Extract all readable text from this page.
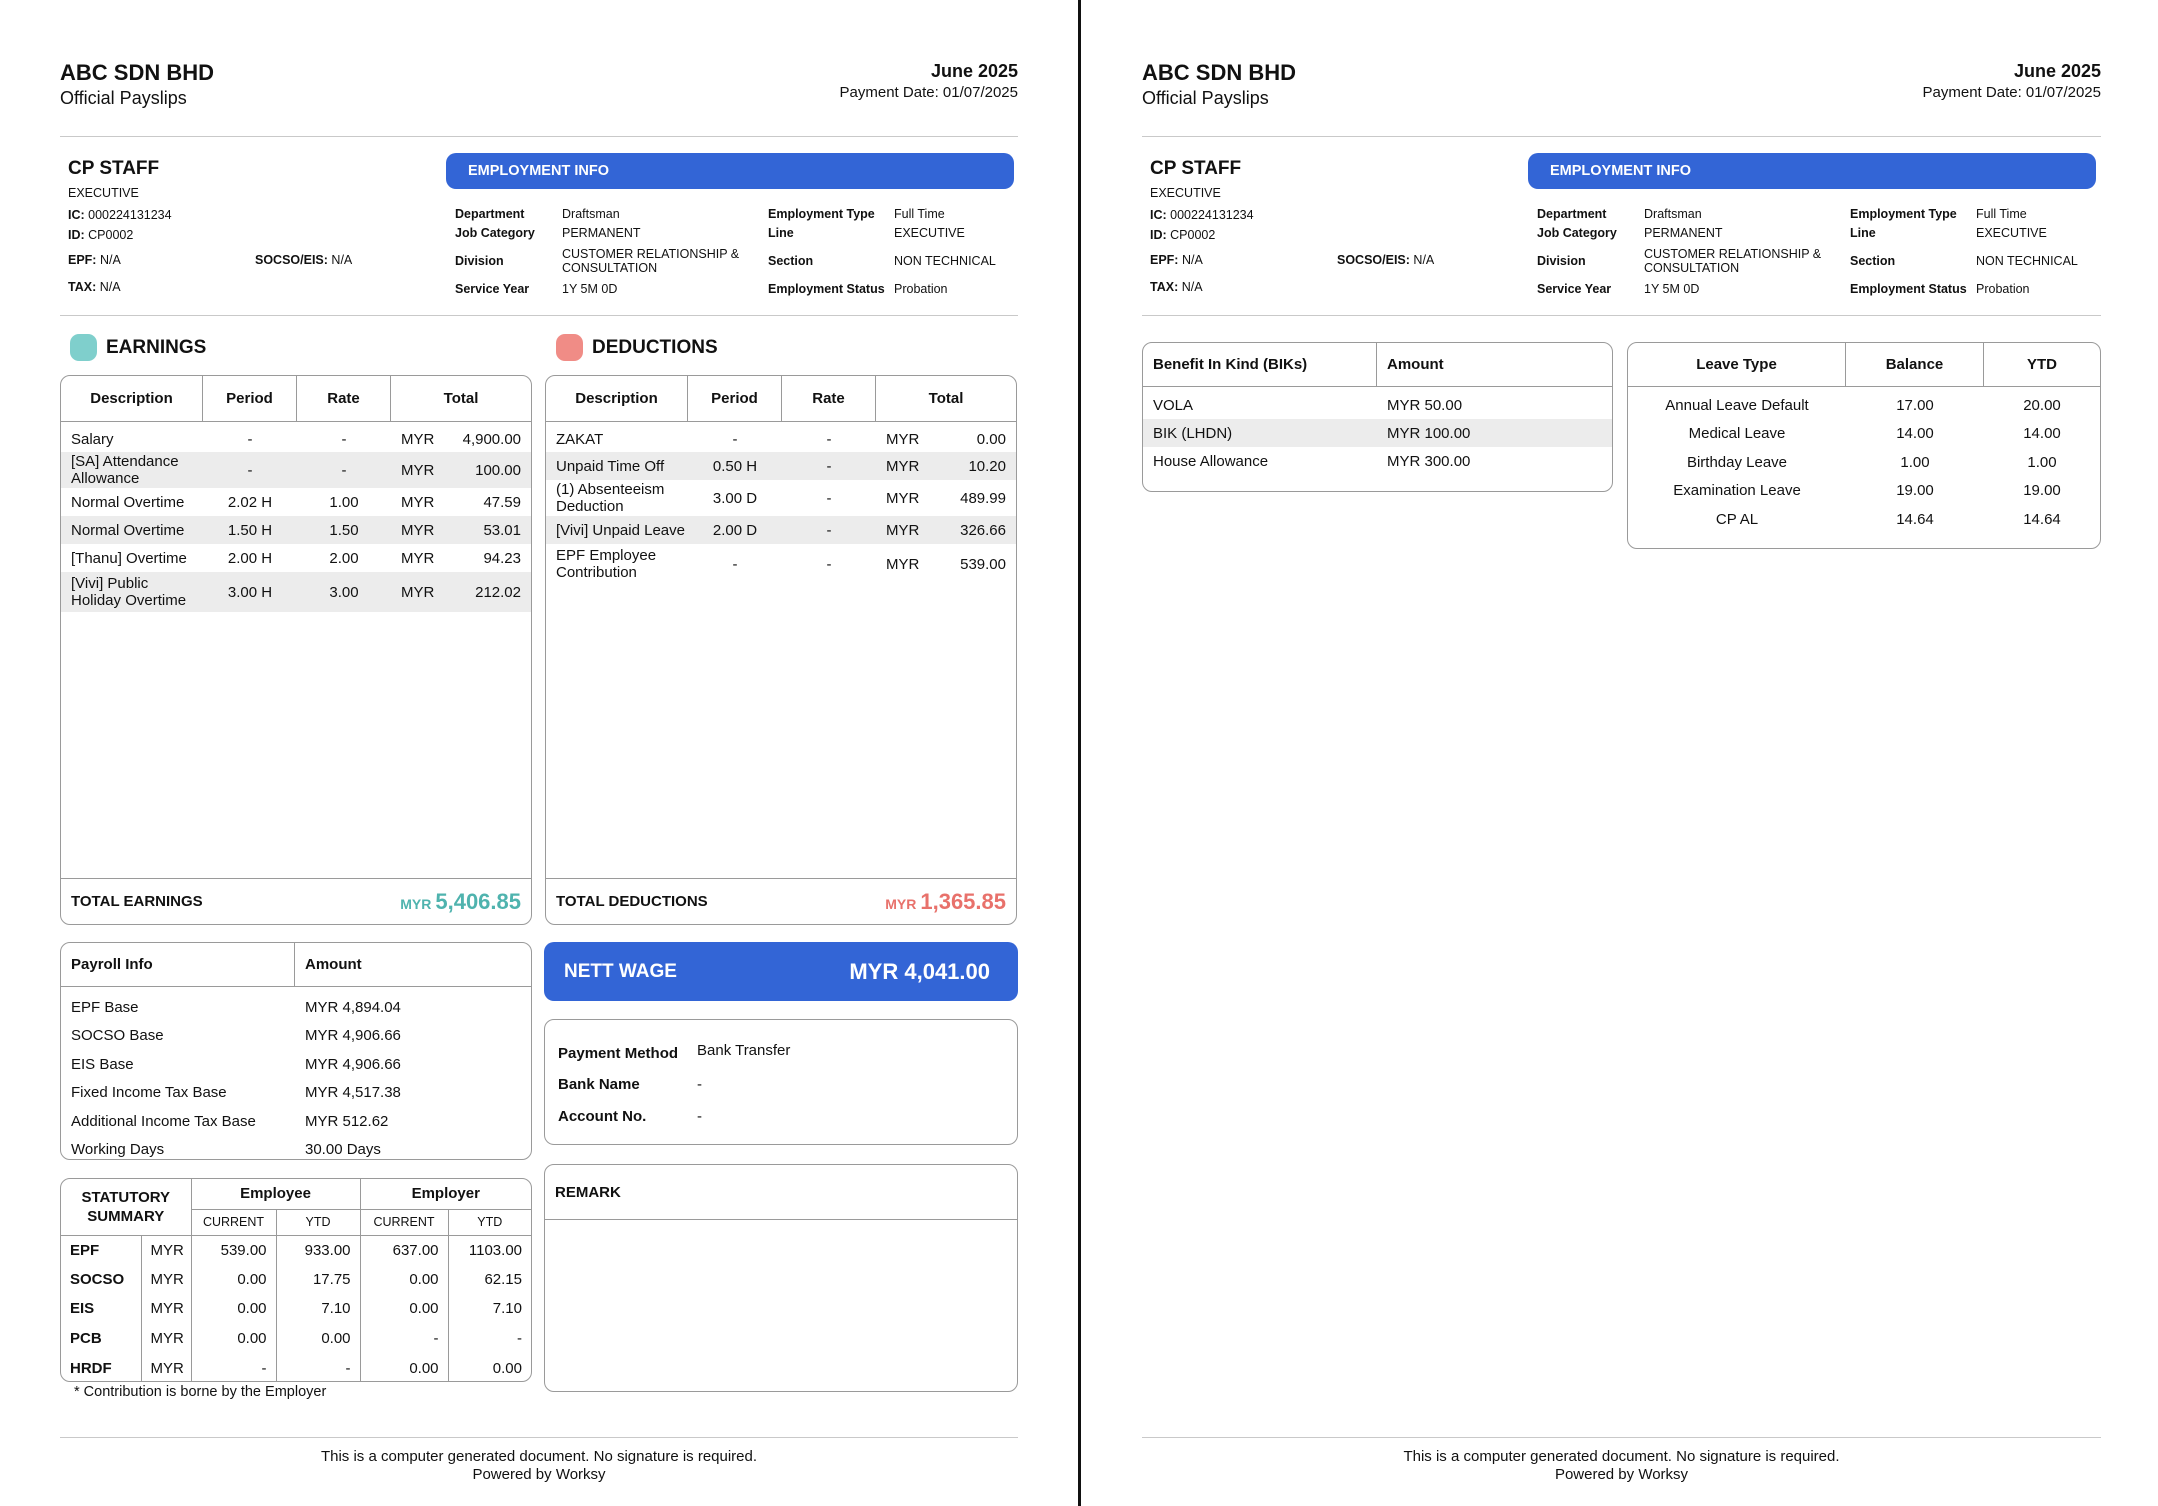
ABC SDN BHD
Official Payslips
June 2025
Payment Date: 01/07/2025
CP STAFF
EXECUTIVE
IC: 000224131234
ID: CP0002
EPF: N/A	SOCSO/EIS: N/A
TAX: N/A
EMPLOYMENT INFO
Department	Draftsman
Job Category PERMANENT
Division	CUSTOMER RELATIONSHIP &
CONSULTATION
Service Year	1Y 5M 0D
Employment Type Full Time
Line	EXECUTIVE
Section	NON TECHNICAL
Employment Status Probation
EARNINGS
Description	Period	Rate	Total
Salary	-	-	MYR	4,900.00
[SA] Attendance
Allowance	-	-	MYR	100.00
Normal Overtime	2.02 H	1.00	MYR	47.59
Normal Overtime	1.50 H	1.50	MYR	53.01
[Thanu] Overtime	2.00 H	2.00	MYR	94.23
[Vivi] Public
Holiday Overtime	3.00 H	3.00	MYR	212.02
TOTAL EARNINGS	MYR 5,406.85
DEDUCTIONS
Description	Period	Rate	Total
ZAKAT	-	-	MYR	0.00
Unpaid Time Off	0.50 H	-	MYR	10.20
(1) Absenteeism
Deduction	3.00 D	-	MYR	489.99
[Vivi] Unpaid Leave	2.00 D	-	MYR	326.66
EPF Employee
Contribution	-	-	MYR	539.00
TOTAL DEDUCTIONS	MYR 1,365.85
Payroll Info	Amount
EPF Base	MYR 4,894.04
SOCSO Base	MYR 4,906.66
EIS Base	MYR 4,906.66
Fixed Income Tax Base	MYR 4,517.38
Additional Income Tax Base	MYR 512.62
Working Days	30.00 Days
NETT WAGE	MYR 4,041.00
Payment Method Bank Transfer
Bank Name	-
Account No.	-
REMARK
STATUTORY
SUMMARY		Employee		Employer	
		CURRENT	YTD	CURRENT	YTD
EPF	MYR	539.00	933.00	637.00	1103.00
SOCSO	MYR	0.00	17.75	0.00	62.15
EIS	MYR	0.00	7.10	0.00	7.10
PCB	MYR	0.00	0.00	-	-
HRDF	MYR	-	-	0.00	0.00
* Contribution is borne by the Employer
This is a computer generated document. No signature is required.
Powered by Worksy
ABC SDN BHD
Official Payslips
June 2025
Payment Date: 01/07/2025
CP STAFF
EXECUTIVE
IC: 000224131234
ID: CP0002
EPF: N/A	SOCSO/EIS: N/A
TAX: N/A
EMPLOYMENT INFO
Department	Draftsman
Job Category PERMANENT
Division	CUSTOMER RELATIONSHIP &
CONSULTATION
Service Year	1Y 5M 0D
Employment Type Full Time
Line	EXECUTIVE
Section	NON TECHNICAL
Employment Status Probation
Benefit In Kind (BIKs)	Amount
VOLA	MYR 50.00
BIK (LHDN)	MYR 100.00
House Allowance	MYR 300.00
Leave Type	Balance	YTD
Annual Leave Default	17.00	20.00
Medical Leave	14.00	14.00
Birthday Leave	1.00	1.00
Examination Leave	19.00	19.00
CP AL	14.64	14.64
This is a computer generated document. No signature is required.
Powered by Worksy
